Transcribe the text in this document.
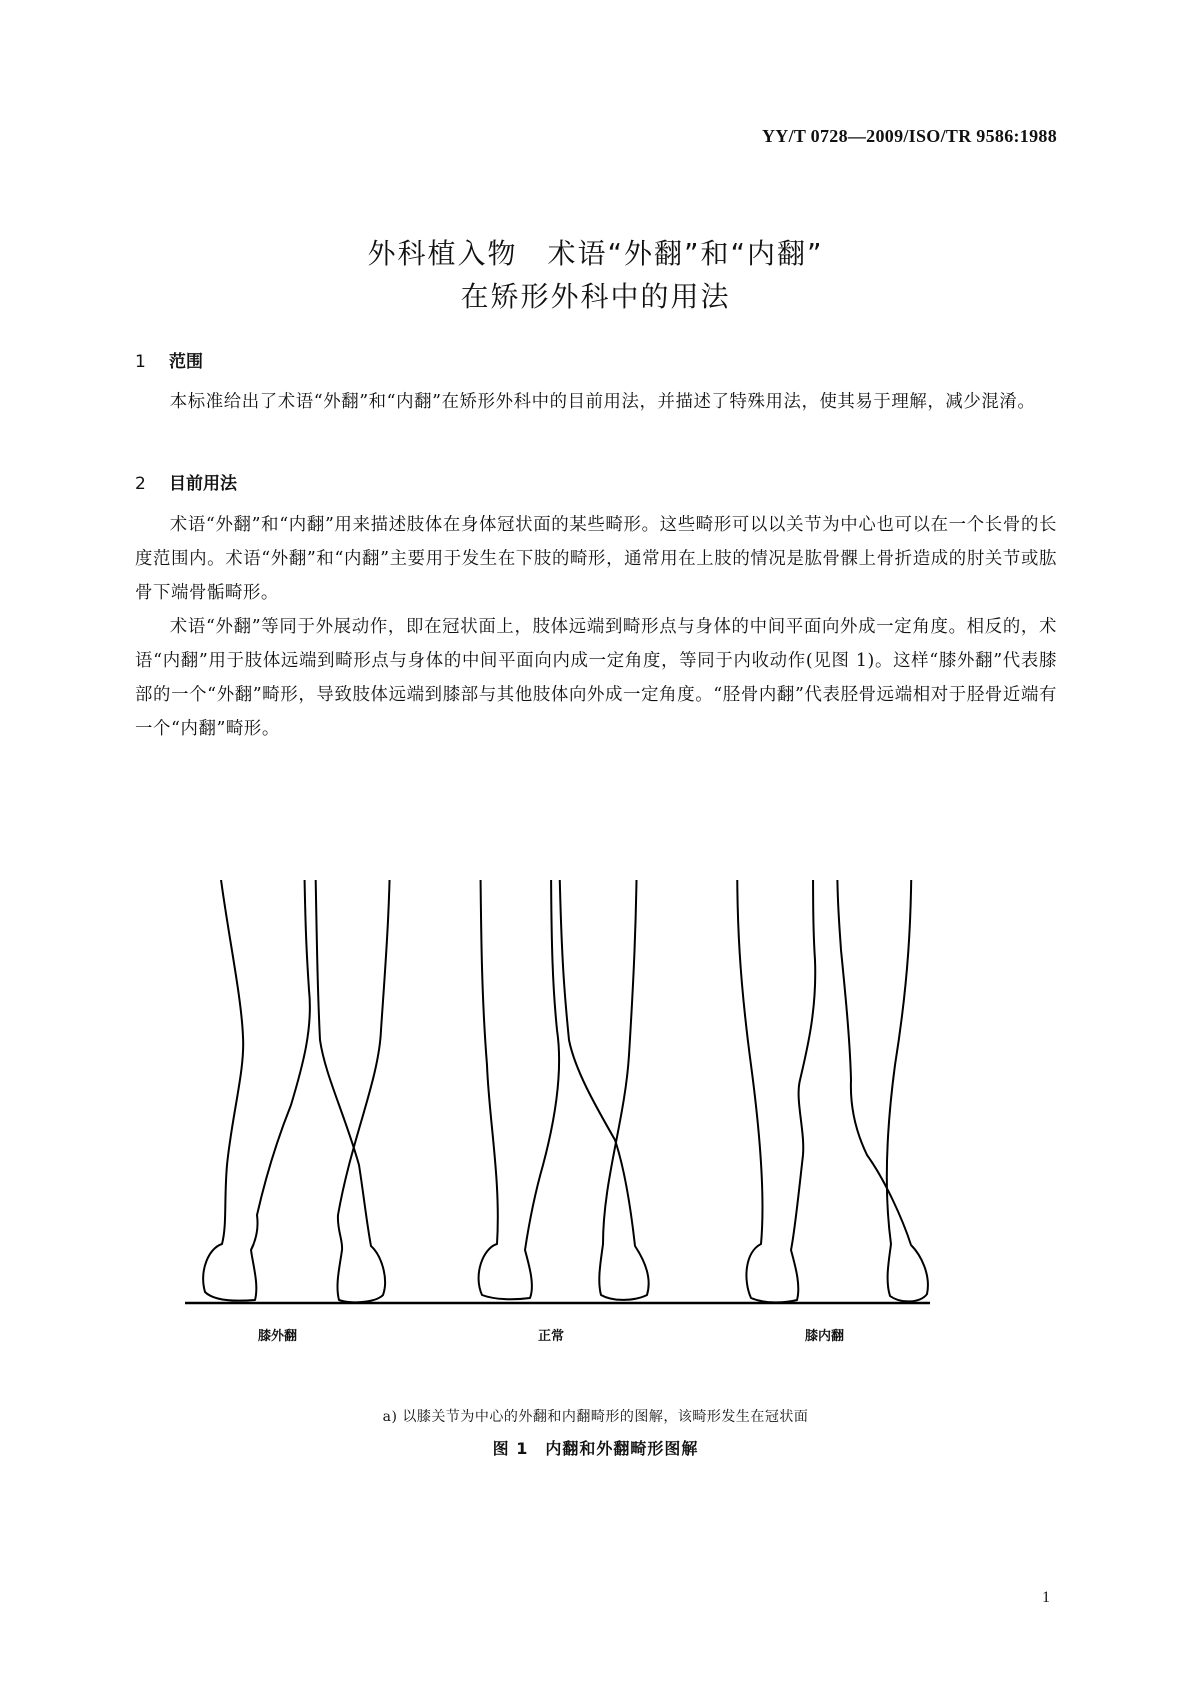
YY/T 0728—2009/ISO/TR 9586:1988
外科植入物　术语“外翻”和“内翻”
在矫形外科中的用法
1 范围
本标准给出了术语“外翻”和“内翻”在矫形外科中的目前用法，并描述了特殊用法，使其易于理解，减少混淆。
2 目前用法
术语“外翻”和“内翻”用来描述肢体在身体冠状面的某些畸形。这些畸形可以以关节为中心也可以在一个长骨的长度范围内。术语“外翻”和“内翻”主要用于发生在下肢的畸形，通常用在上肢的情况是肱骨髁上骨折造成的肘关节或肱骨下端骨骺畸形。
术语“外翻”等同于外展动作，即在冠状面上，肢体远端到畸形点与身体的中间平面向外成一定角度。相反的，术语“内翻”用于肢体远端到畸形点与身体的中间平面向内成一定角度，等同于内收动作(见图 1)。这样“膝外翻”代表膝部的一个“外翻”畸形，导致肢体远端到膝部与其他肢体向外成一定角度。“胫骨内翻”代表胫骨远端相对于胫骨近端有一个“内翻”畸形。
膝外翻	正常	膝内翻
a) 以膝关节为中心的外翻和内翻畸形的图解，该畸形发生在冠状面
图 1　内翻和外翻畸形图解
1
